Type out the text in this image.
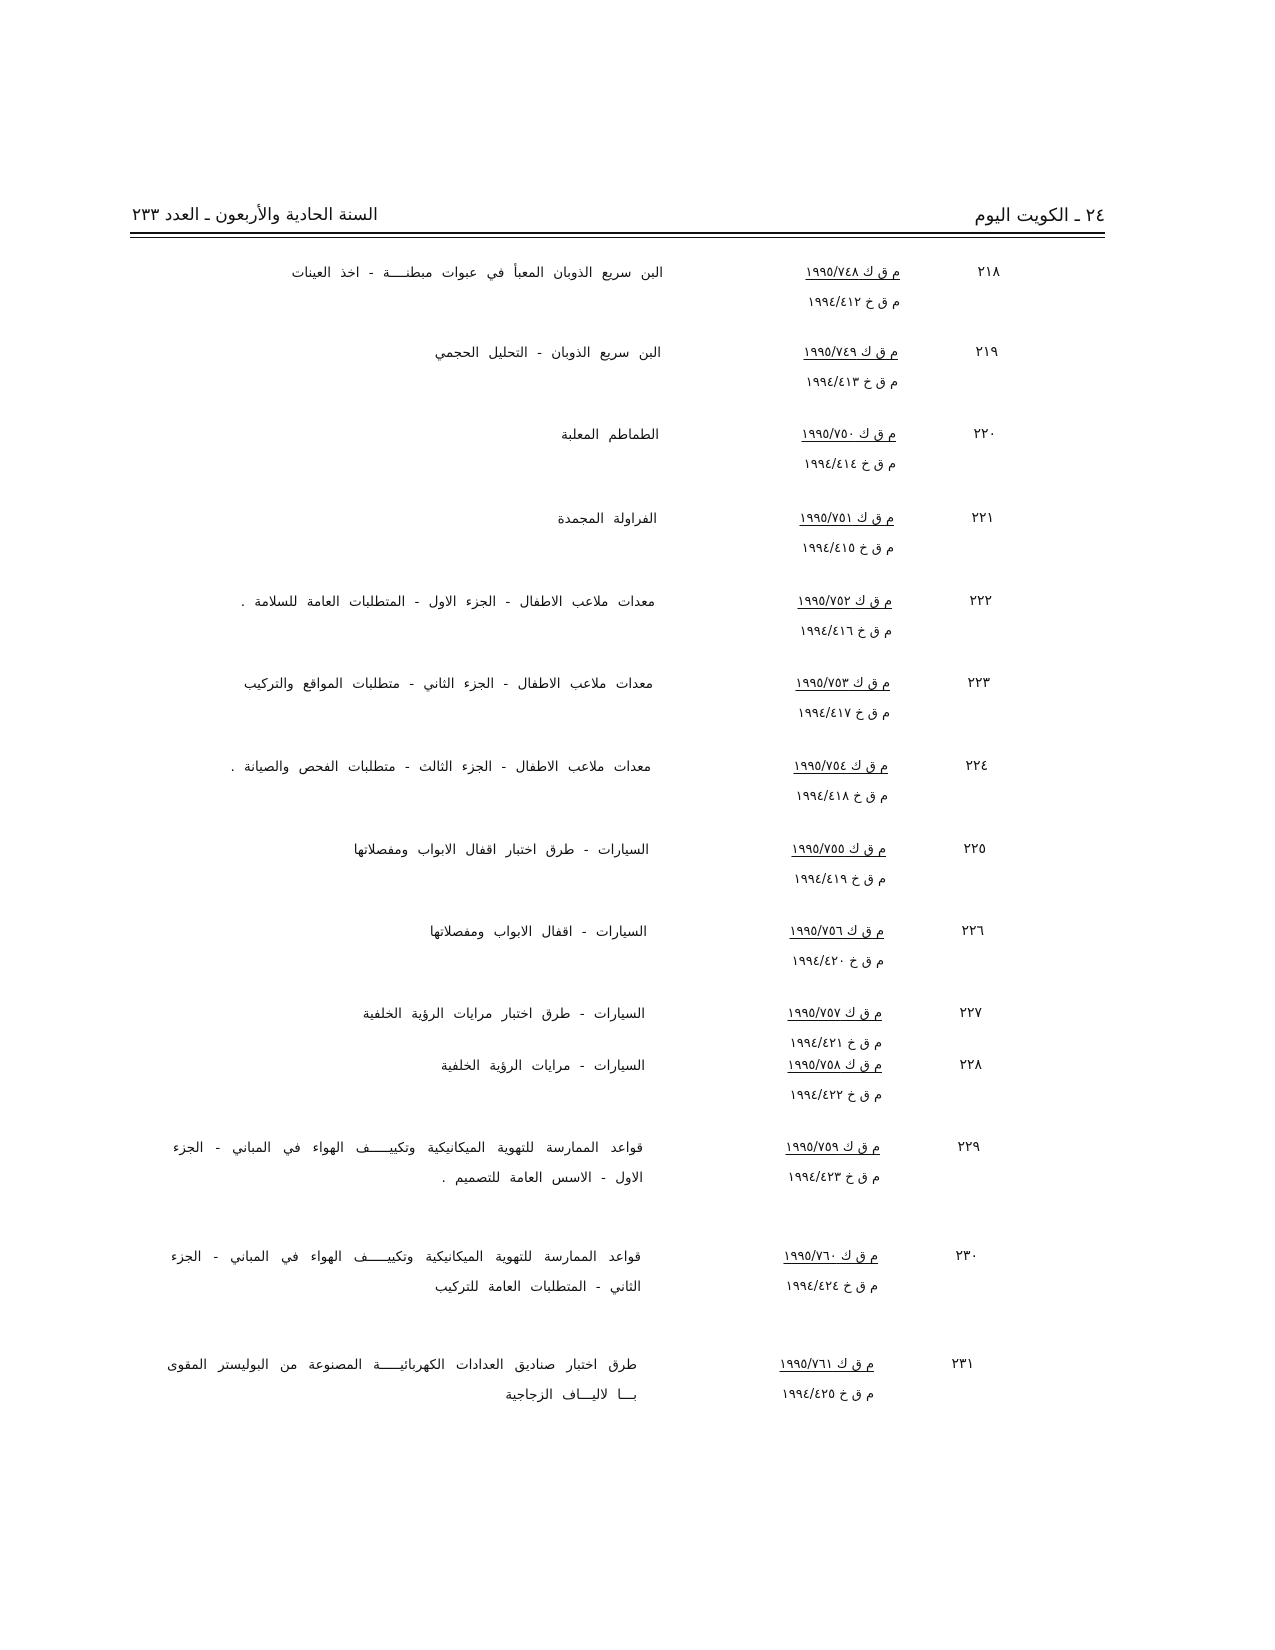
٢٤ ـ الكويت اليوم
السنة الحادية والأربعون ـ العدد ٢٣٣
٢١٨
م ق ك ١٩٩٥/٧٤٨
م ق خ ١٩٩٤/٤١٢
البن سريع الذوبان المعبأ في عبوات مبطنــــة - اخذ العينات
٢١٩
م ق ك ١٩٩٥/٧٤٩
م ق خ ١٩٩٤/٤١٣
البن سريع الذوبان - التحليل الحجمي
٢٢٠
م ق ك ١٩٩٥/٧٥٠
م ق خ ١٩٩٤/٤١٤
الطماطم المعلبة
٢٢١
م ق ك ١٩٩٥/٧٥١
م ق خ ١٩٩٤/٤١٥
الفراولة المجمدة
٢٢٢
م ق ك ١٩٩٥/٧٥٢
م ق خ ١٩٩٤/٤١٦
معدات ملاعب الاطفال - الجزء الاول - المتطلبات العامة للسلامة .
٢٢٣
م ق ك ١٩٩٥/٧٥٣
م ق خ ١٩٩٤/٤١٧
معدات ملاعب الاطفال - الجزء الثاني - متطلبات المواقع والتركيب
٢٢٤
م ق ك ١٩٩٥/٧٥٤
م ق خ ١٩٩٤/٤١٨
معدات ملاعب الاطفال - الجزء الثالث - متطلبات الفحص والصيانة .
٢٢٥
م ق ك ١٩٩٥/٧٥٥
م ق خ ١٩٩٤/٤١٩
السيارات - طرق اختبار اقفال الابواب ومفصلاتها
٢٢٦
م ق ك ١٩٩٥/٧٥٦
م ق خ ١٩٩٤/٤٢٠
السيارات - اقفال الابواب ومفصلاتها
٢٢٧
م ق ك ١٩٩٥/٧٥٧
م ق خ ١٩٩٤/٤٢١
السيارات - طرق اختبار مرايات الرؤية الخلفية
٢٢٨
م ق ك ١٩٩٥/٧٥٨
م ق خ ١٩٩٤/٤٢٢
السيارات - مرايات الرؤية الخلفية
٢٢٩
م ق ك ١٩٩٥/٧٥٩
م ق خ ١٩٩٤/٤٢٣
قواعد الممارسة للتهوية الميكانيكية وتكييـــــف الهواء في المباني - الجزء الاول - الاسس العامة للتصميم .
٢٣٠
م ق ك ١٩٩٥/٧٦٠
م ق خ ١٩٩٤/٤٢٤
قواعد الممارسة للتهوية الميكانيكية وتكييـــــف الهواء في المباني - الجزء الثاني - المتطلبات العامة للتركيب
٢٣١
م ق ك ١٩٩٥/٧٦١
م ق خ ١٩٩٤/٤٢٥
طرق اختبار صناديق العدادات الكهربائيـــــة المصنوعة من البوليستر المقوى بـــا لاليـــاف الزجاجية
